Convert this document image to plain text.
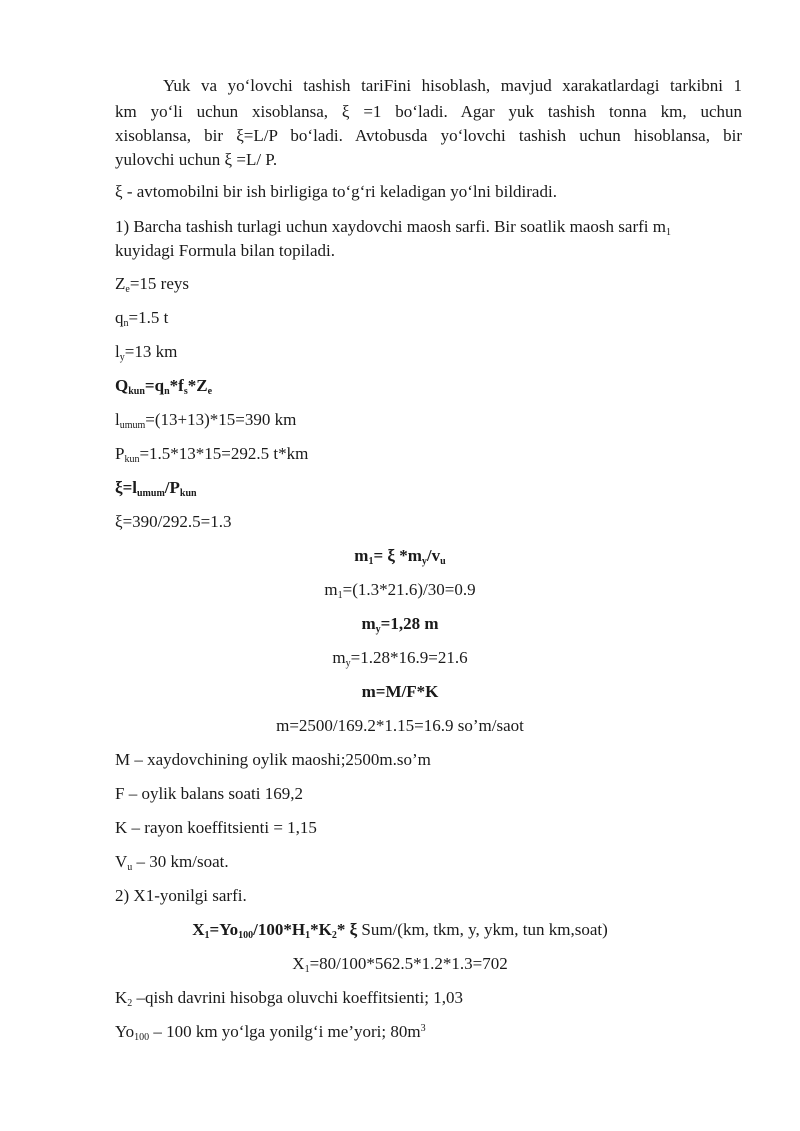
Yuk va yo‘lovchi tashish tariFini hisoblash, mavjud xarakatlardagi tarkibni 1
km yo‘li uchun xisoblansa, ξ =1 bo‘ladi. Agar yuk tashish tonna km, uchun
xisoblansa, bir ξ=L/P bo‘ladi. Avtobusda yo‘lovchi tashish uchun hisoblansa, bir
yulovchi uchun ξ =L/ P.
ξ - avtomobilni bir ish birligiga to‘g‘ri keladigan yo‘lni bildiradi.
1) Barcha tashish turlagi uchun xaydovchi maosh sarfi. Bir soatlik maosh sarfi $m_1$
kuyidagi Formula bilan topiladi.
$Z_e=15$ reys
$q_n=1.5$ t
$l_y=13$ km
$Q_{kun}=q_n*f_s*Z_e$
$l_{umum}=(13+13)*15=390$ km
$P_{kun}=1.5*13*15=292.5$ t*km
$\xi=l_{umum}/P_{kun}$
ξ=390/292.5=1.3
$m_1= \xi$ $*m_y/v_u$
$m_1=(1.3*21.6)/30=0.9$
$m_y=1,28$ m
$m_y=1.28*16.9=21.6$
m=M/F*K
m=2500/169.2*1.15=16.9 so’m/saot
M – xaydovchining oylik maoshi;2500m.so’m
F – oylik balans soati 169,2
K – rayon koeffitsienti = 1,15
$V_u - 30$ km/soat.
2) X1-yonilgi sarfi.
$X_1=Yo_{100}/100*H_1*K_2*$ ξ Sum/(km, tkm, y, ykm, tun km,soat)
$X_1=80/100*562.5*1.2*1.3=702$
$K_2$ –qish davrini hisobga oluvchi koeffitsienti; 1,03
$Yo_{100} - 100$ km yo‘lga yonilg‘i me’yori; $80m^3$
